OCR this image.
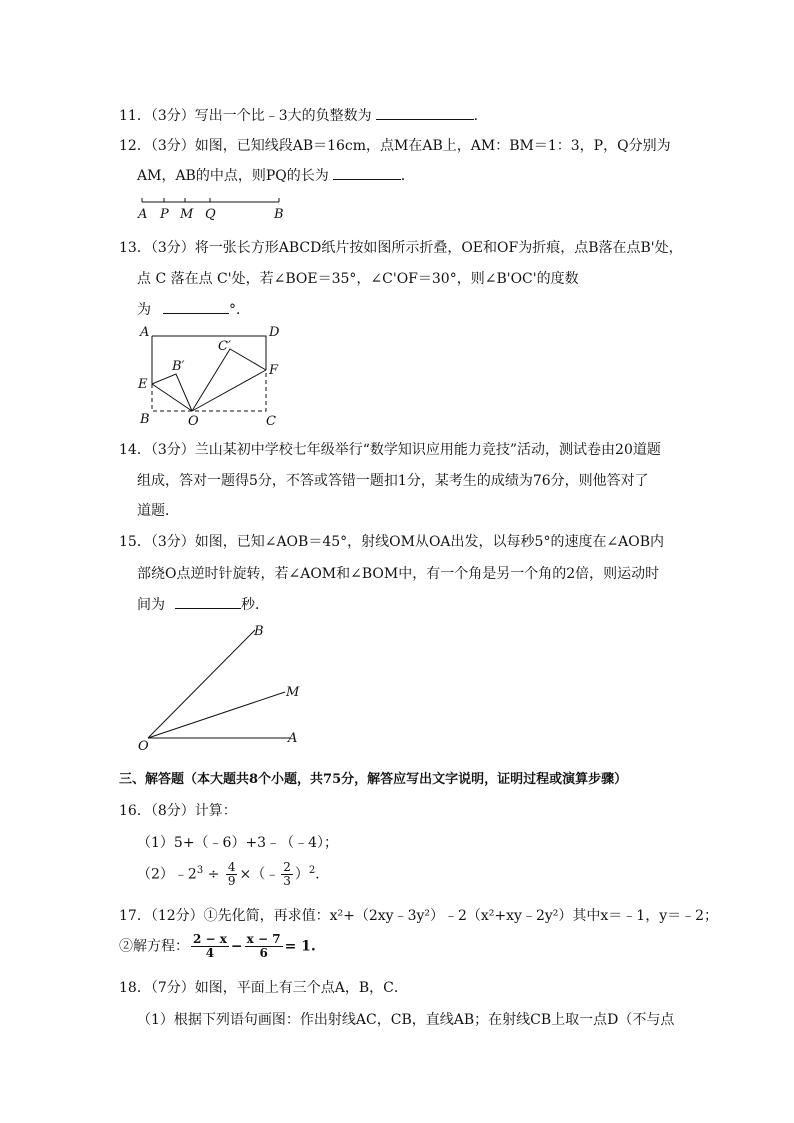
11．（3分）写出一个比﹣3大的负整数为	．
12．（3分）如图，已知线段AB＝16cm，点M在AB上，AM：BM＝1：3，P，Q分别为
AM，AB的中点，则PQ的长为	．
A P M Q	B
13．（3分）将一张长方形ABCD纸片按如图所示折叠，OE和OF为折痕，点B落在点B'处，
点 C 落在点 C'处，若∠BOE＝35°，∠C'OF＝30°，则∠B'OC'的度数
为	°．
A	D
C′
B′
E
F
B	O	C
14．（3分）兰山某初中学校七年级举行“数学知识应用能力竞技”活动，测试卷由20道题
组成，答对一题得5分，不答或答错一题扣1分，某考生的成绩为76分，则他答对了
道题．
15．（3分）如图，已知∠AOB＝45°，射线OM从OA出发，以每秒5°的速度在∠AOB内
部绕O点逆时针旋转，若∠AOM和∠BOM中，有一个角是另一个角的2倍，则运动时
间为	秒．
B
M
O
A
三、解答题（本大题共8个小题，共75分，解答应写出文字说明，证明过程或演算步骤）
16．（8分）计算：
（1）5+（﹣6）+3﹣（﹣4）；
$(2)﹣2^3 \div \frac{4}{9}$ ×（﹣ $\frac{2}{3} )^2$．
17．（12分）①先化简，再求值：x²+（2xy﹣3y²）﹣2（x²+xy﹣2y²）其中x＝﹣1，y＝﹣2；
②解方程： $\frac{2 - x}{4} - \frac{x - 7}{6} = 1$.
18．（7分）如图，平面上有三个点A，B，C．
（1）根据下列语句画图：作出射线AC，CB，直线AB；在射线CB上取一点D（不与点
